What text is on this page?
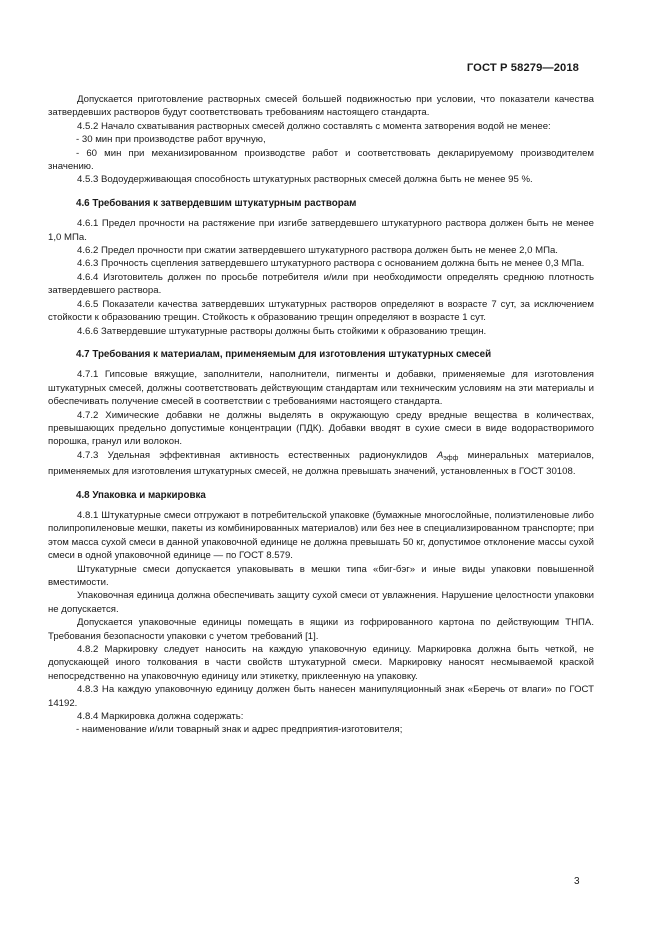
ГОСТ Р 58279—2018

Допускается приготовление растворных смесей большей подвижностью при условии, что показатели качества затвердевших растворов будут соответствовать требованиям настоящего стандарта.

4.5.2 Начало схватывания растворных смесей должно составлять с момента затворения водой не менее:

- 30 мин при производстве работ вручную,

- 60 мин при механизированном производстве работ и соответствовать декларируемому производителем значению.

4.5.3 Водоудерживающая способность штукатурных растворных смесей должна быть не менее 95 %.

4.6 Требования к затвердевшим штукатурным растворам

4.6.1 Предел прочности на растяжение при изгибе затвердевшего штукатурного раствора должен быть не менее 1,0 МПа.

4.6.2 Предел прочности при сжатии затвердевшего штукатурного раствора должен быть не менее 2,0 МПа.

4.6.3 Прочность сцепления затвердевшего штукатурного раствора с основанием должна быть не менее 0,3 МПа.

4.6.4 Изготовитель должен по просьбе потребителя и/или при необходимости определять среднюю плотность затвердевшего раствора.

4.6.5 Показатели качества затвердевших штукатурных растворов определяют в возрасте 7 сут, за исключением стойкости к образованию трещин. Стойкость к образованию трещин определяют в возрасте 1 сут.

4.6.6 Затвердевшие штукатурные растворы должны быть стойкими к образованию трещин.

4.7 Требования к материалам, применяемым для изготовления штукатурных смесей

4.7.1 Гипсовые вяжущие, заполнители, наполнители, пигменты и добавки, применяемые для изготовления штукатурных смесей, должны соответствовать действующим стандартам или техническим условиям на эти материалы и обеспечивать получение смесей в соответствии с требованиями настоящего стандарта.

4.7.2 Химические добавки не должны выделять в окружающую среду вредные вещества в количествах, превышающих предельно допустимые концентрации (ПДК). Добавки вводят в сухие смеси в виде водорастворимого порошка, гранул или волокон.

4.7.3 Удельная эффективная активность естественных радионуклидов $A_{эфф}$ минеральных материалов, применяемых для изготовления штукатурных смесей, не должна превышать значений, установленных в ГОСТ 30108.

4.8 Упаковка и маркировка

4.8.1 Штукатурные смеси отгружают в потребительской упаковке (бумажные многослойные, полиэтиленовые либо полипропиленовые мешки, пакеты из комбинированных материалов) или без нее в специализированном транспорте; при этом масса сухой смеси в данной упаковочной единице не должна превышать 50 кг, допустимое отклонение массы сухой смеси в одной упаковочной единице — по ГОСТ 8.579.

Штукатурные смеси допускается упаковывать в мешки типа «биг-бэг» и иные виды упаковки повышенной вместимости.

Упаковочная единица должна обеспечивать защиту сухой смеси от увлажнения. Нарушение целостности упаковки не допускается.

Допускается упаковочные единицы помещать в ящики из гофрированного картона по действующим ТНПА. Требования безопасности упаковки с учетом требований [1].

4.8.2 Маркировку следует наносить на каждую упаковочную единицу. Маркировка должна быть четкой, не допускающей иного толкования в части свойств штукатурной смеси. Маркировку наносят несмываемой краской непосредственно на упаковочную единицу или этикетку, приклеенную на упаковку.

4.8.3 На каждую упаковочную единицу должен быть нанесен манипуляционный знак «Беречь от влаги» по ГОСТ 14192.

4.8.4 Маркировка должна содержать:

- наименование и/или товарный знак и адрес предприятия-изготовителя;

3
